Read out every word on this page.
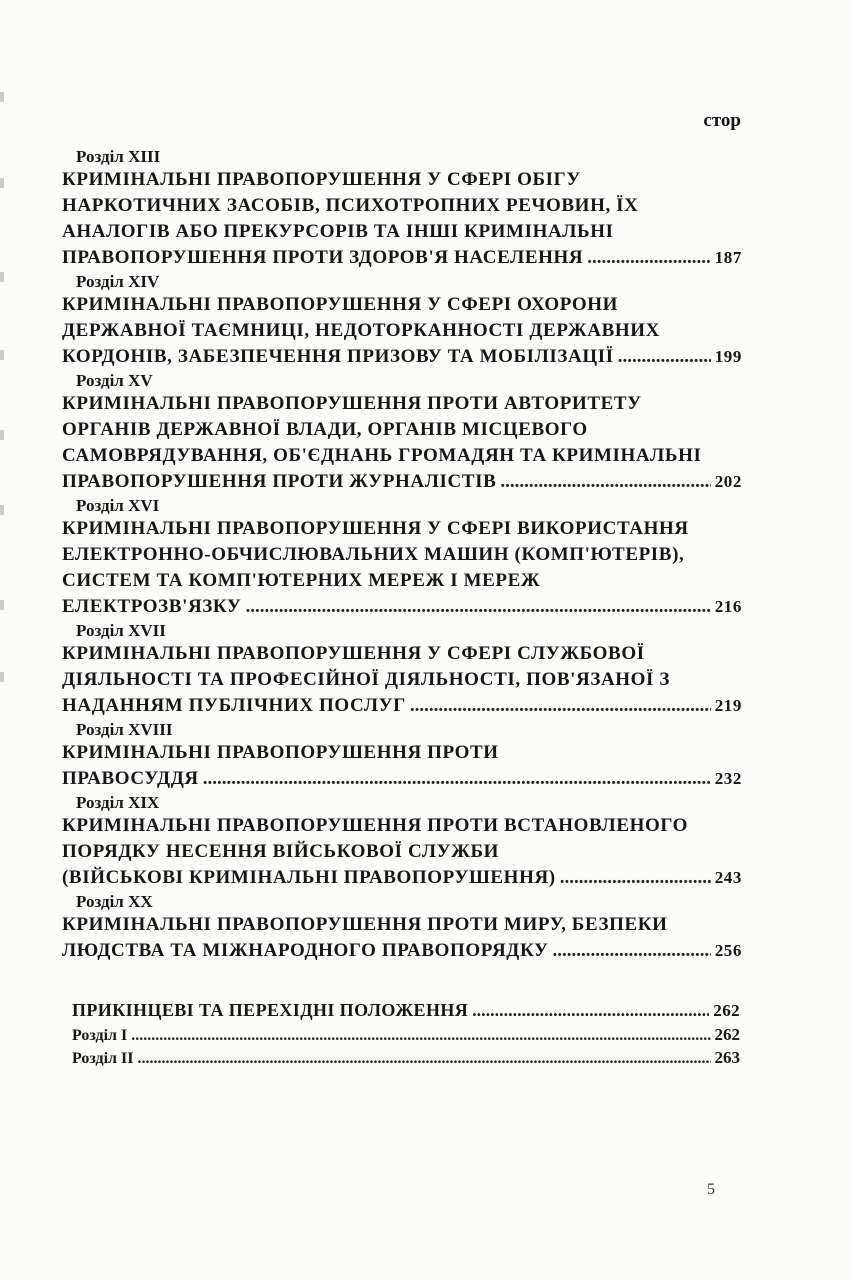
стор
Розділ XIII
КРИМІНАЛЬНІ ПРАВОПОРУШЕННЯ У СФЕРІ ОБІГУ
НАРКОТИЧНИХ ЗАСОБІВ, ПСИХОТРОПНИХ РЕЧОВИН, ЇХ
АНАЛОГІВ АБО ПРЕКУРСОРІВ ТА ІНШІ КРИМІНАЛЬНІ
ПРАВОПОРУШЕННЯ ПРОТИ ЗДОРОВ'Я НАСЕЛЕННЯ .....	187
Розділ XIV
КРИМІНАЛЬНІ ПРАВОПОРУШЕННЯ У СФЕРІ ОХОРОНИ
ДЕРЖАВНОЇ ТАЄМНИЦІ, НЕДОТОРКАННОСТІ ДЕРЖАВНИХ
КОРДОНІВ, ЗАБЕЗПЕЧЕННЯ ПРИЗОВУ ТА МОБІЛІЗАЦІЇ .....	199
Розділ XV
КРИМІНАЛЬНІ ПРАВОПОРУШЕННЯ ПРОТИ АВТОРИТЕТУ
ОРГАНІВ ДЕРЖАВНОЇ ВЛАДИ, ОРГАНІВ МІСЦЕВОГО
САМОВРЯДУВАННЯ, ОБ'ЄДНАНЬ ГРОМАДЯН ТА КРИМІНАЛЬНІ
ПРАВОПОРУШЕННЯ ПРОТИ ЖУРНАЛІСТІВ .....	202
Розділ XVI
КРИМІНАЛЬНІ ПРАВОПОРУШЕННЯ У СФЕРІ ВИКОРИСТАННЯ
ЕЛЕКТРОННО-ОБЧИСЛЮВАЛЬНИХ МАШИН (КОМП'ЮТЕРІВ),
СИСТЕМ ТА КОМП'ЮТЕРНИХ МЕРЕЖ І МЕРЕЖ
ЕЛЕКТРОЗВ'ЯЗКУ .....	216
Розділ XVII
КРИМІНАЛЬНІ ПРАВОПОРУШЕННЯ У СФЕРІ СЛУЖБОВОЇ
ДІЯЛЬНОСТІ ТА ПРОФЕСІЙНОЇ ДІЯЛЬНОСТІ, ПОВ'ЯЗАНОЇ З
НАДАННЯМ ПУБЛІЧНИХ ПОСЛУГ .....	219
Розділ XVIII
КРИМІНАЛЬНІ ПРАВОПОРУШЕННЯ ПРОТИ
ПРАВОСУДДЯ .....	232
Розділ XIX
КРИМІНАЛЬНІ ПРАВОПОРУШЕННЯ ПРОТИ ВСТАНОВЛЕНОГО
ПОРЯДКУ НЕСЕННЯ ВІЙСЬКОВОЇ СЛУЖБИ
(ВІЙСЬКОВІ КРИМІНАЛЬНІ ПРАВОПОРУШЕННЯ) .....	243
Розділ XX
КРИМІНАЛЬНІ ПРАВОПОРУШЕННЯ ПРОТИ МИРУ, БЕЗПЕКИ
ЛЮДСТВА ТА МІЖНАРОДНОГО ПРАВОПОРЯДКУ .....	256
ПРИКІНЦЕВІ ТА ПЕРЕХІДНІ ПОЛОЖЕННЯ .....	262
Розділ I .....	262
Розділ II .....	263
5
